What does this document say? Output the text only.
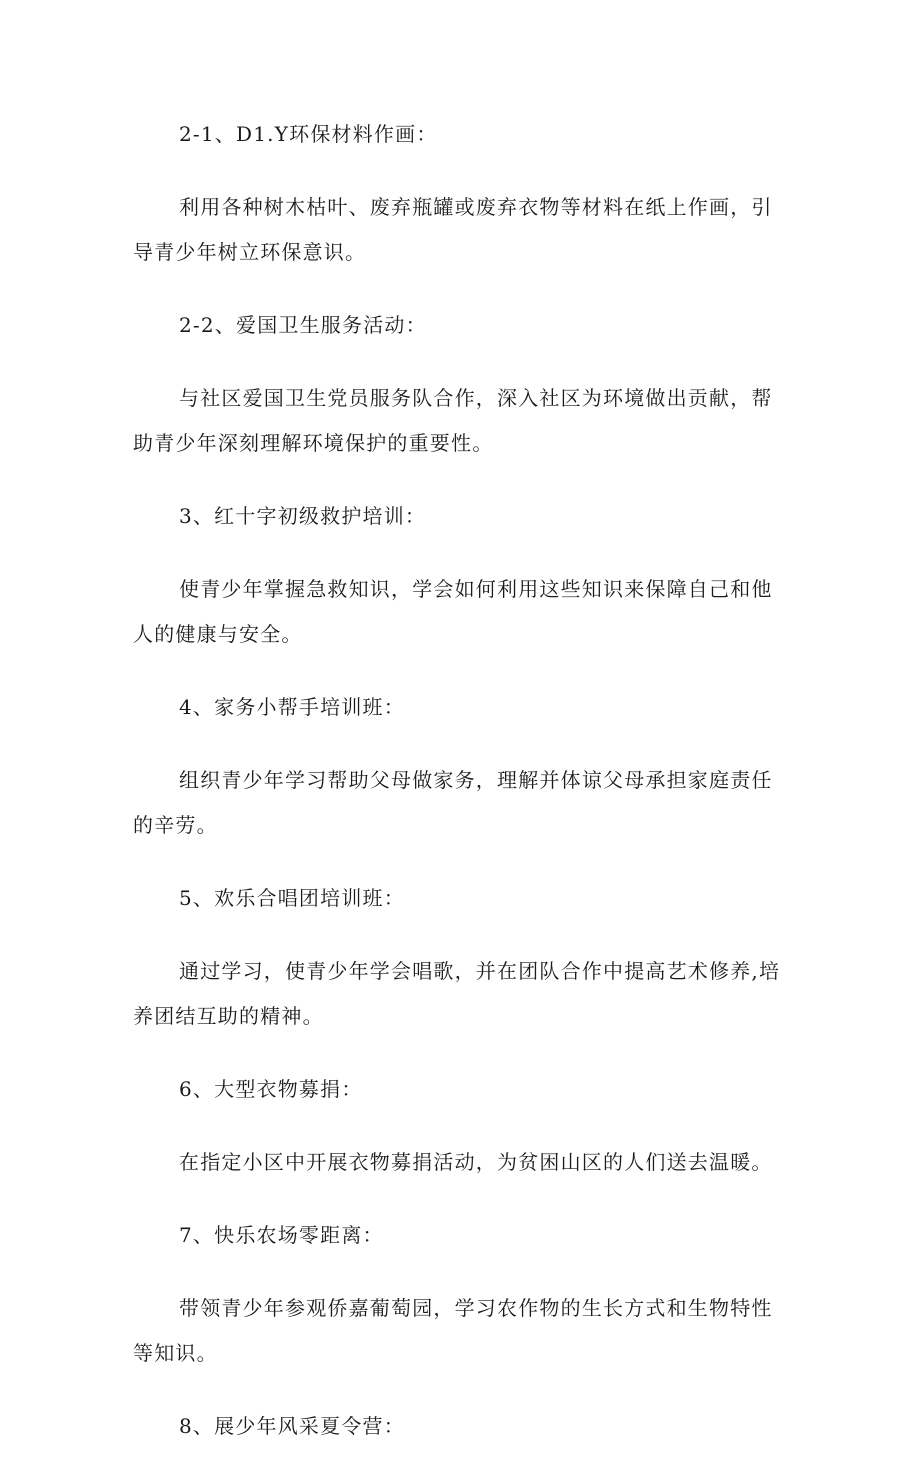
2-1、D1.Y环保材料作画：

利用各种树木枯叶、废弃瓶罐或废弃衣物等材料在纸上作画，引导青少年树立环保意识。

2-2、爱国卫生服务活动：

与社区爱国卫生党员服务队合作，深入社区为环境做出贡献，帮助青少年深刻理解环境保护的重要性。

3、红十字初级救护培训：

使青少年掌握急救知识，学会如何利用这些知识来保障自己和他人的健康与安全。

4、家务小帮手培训班：

组织青少年学习帮助父母做家务，理解并体谅父母承担家庭责任的辛劳。

5、欢乐合唱团培训班：

通过学习，使青少年学会唱歌，并在团队合作中提高艺术修养,培养团结互助的精神。

6、大型衣物募捐：

在指定小区中开展衣物募捐活动，为贫困山区的人们送去温暖。

7、快乐农场零距离：

带领青少年参观侨嘉葡萄园，学习农作物的生长方式和生物特性等知识。

8、展少年风采夏令营：
